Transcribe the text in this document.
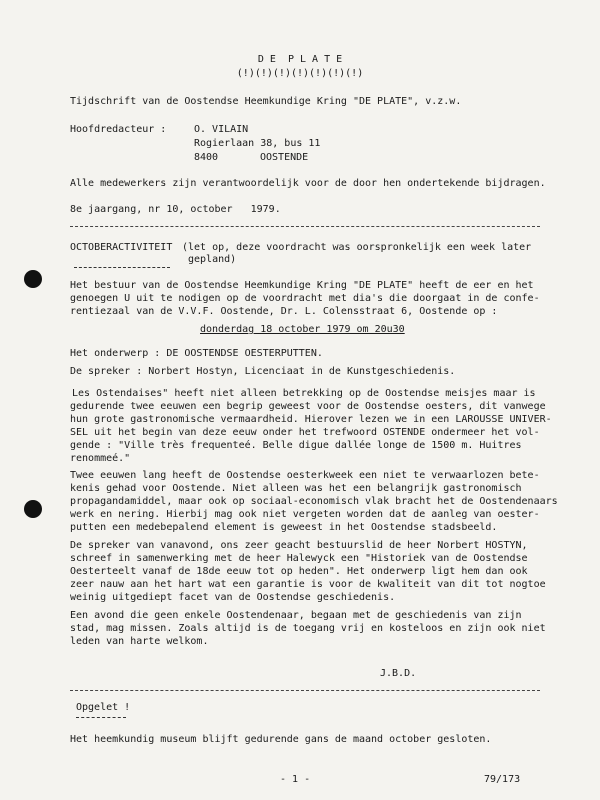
D E  P L A T E
(!)(!)(!)(!)(!)(!)(!)
Tijdschrift van de Oostendse Heemkundige Kring "DE PLATE", v.z.w.
Hoofdredacteur :	O. VILAIN
Rogierlaan 38, bus 11
8400	OOSTENDE
Alle medewerkers zijn verantwoordelijk voor de door hen ondertekende bijdragen.
8e jaargang, nr 10, october   1979.
OCTOBERACTIVITEIT (let op, deze voordracht was oorspronkelijk een week later
gepland)
Het bestuur van de Oostendse Heemkundige Kring "DE PLATE" heeft de eer en het
genoegen U uit te nodigen op de voordracht met dia's die doorgaat in de confe-
rentiezaal van de V.V.F. Oostende, Dr. L. Colensstraat 6, Oostende op :
donderdag 18 october 1979 om 20u30
Het onderwerp : DE OOSTENDSE OESTERPUTTEN.
De spreker : Norbert Hostyn, Licenciaat in de Kunstgeschiedenis.
Les Ostendaises" heeft niet alleen betrekking op de Oostendse meisjes maar is
gedurende twee eeuwen een begrip geweest voor de Oostendse oesters, dit vanwege
hun grote gastronomische vermaardheid. Hierover lezen we in een LAROUSSE UNIVER-
SEL uit het begin van deze eeuw onder het trefwoord OSTENDE ondermeer het vol-
gende : "Ville très frequenteé. Belle digue dallée longe de 1500 m. Huitres
renommeé."
Twee eeuwen lang heeft de Oostendse oesterkweek een niet te verwaarlozen bete-
kenis gehad voor Oostende. Niet alleen was het een belangrijk gastronomisch
propagandamiddel, maar ook op sociaal-economisch vlak bracht het de Oostendenaars
werk en nering. Hierbij mag ook niet vergeten worden dat de aanleg van oester-
putten een medebepalend element is geweest in het Oostendse stadsbeeld.
De spreker van vanavond, ons zeer geacht bestuurslid de heer Norbert HOSTYN,
schreef in samenwerking met de heer Halewyck een "Historiek van de Oostendse
Oesterteelt vanaf de 18de eeuw tot op heden". Het onderwerp ligt hem dan ook
zeer nauw aan het hart wat een garantie is voor de kwaliteit van dit tot nogtoe
weinig uitgediept facet van de Oostendse geschiedenis.
Een avond die geen enkele Oostendenaar, begaan met de geschiedenis van zijn
stad, mag missen. Zoals altijd is de toegang vrij en kosteloos en zijn ook niet
leden van harte welkom.
J.B.D.
Opgelet !
Het heemkundig museum blijft gedurende gans de maand october gesloten.
- 1 -	79/173
